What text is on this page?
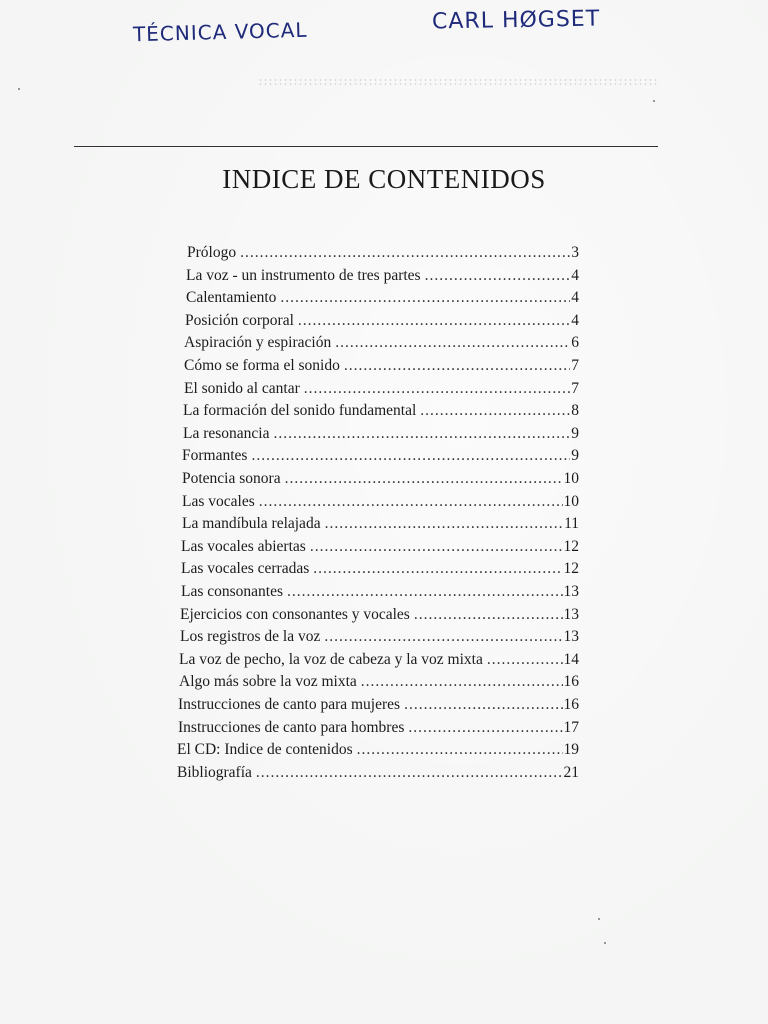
TÉCNICA VOCAL	CARL HØGSET
INDICE DE CONTENIDOS
Prólogo .....	3
La voz - un instrumento de tres partes .....	4
Calentamiento .....	4
Posición corporal .....	4
Aspiración y espiración .....	6
Cómo se forma el sonido .....	7
El sonido al cantar .....	7
La formación del sonido fundamental .....	8
La resonancia .....	9
Formantes .....	9
Potencia sonora .....	10
Las vocales .....	10
La mandíbula relajada .....	11
Las vocales abiertas .....	12
Las vocales cerradas .....	12
Las consonantes .....	13
Ejercicios con consonantes y vocales .....	13
Los registros de la voz .....	13
La voz de pecho, la voz de cabeza y la voz mixta .....	14
Algo más sobre la voz mixta .....	16
Instrucciones de canto para mujeres .....	16
Instrucciones de canto para hombres .....	17
El CD: Indice de contenidos .....	19
Bibliografía .....	21
